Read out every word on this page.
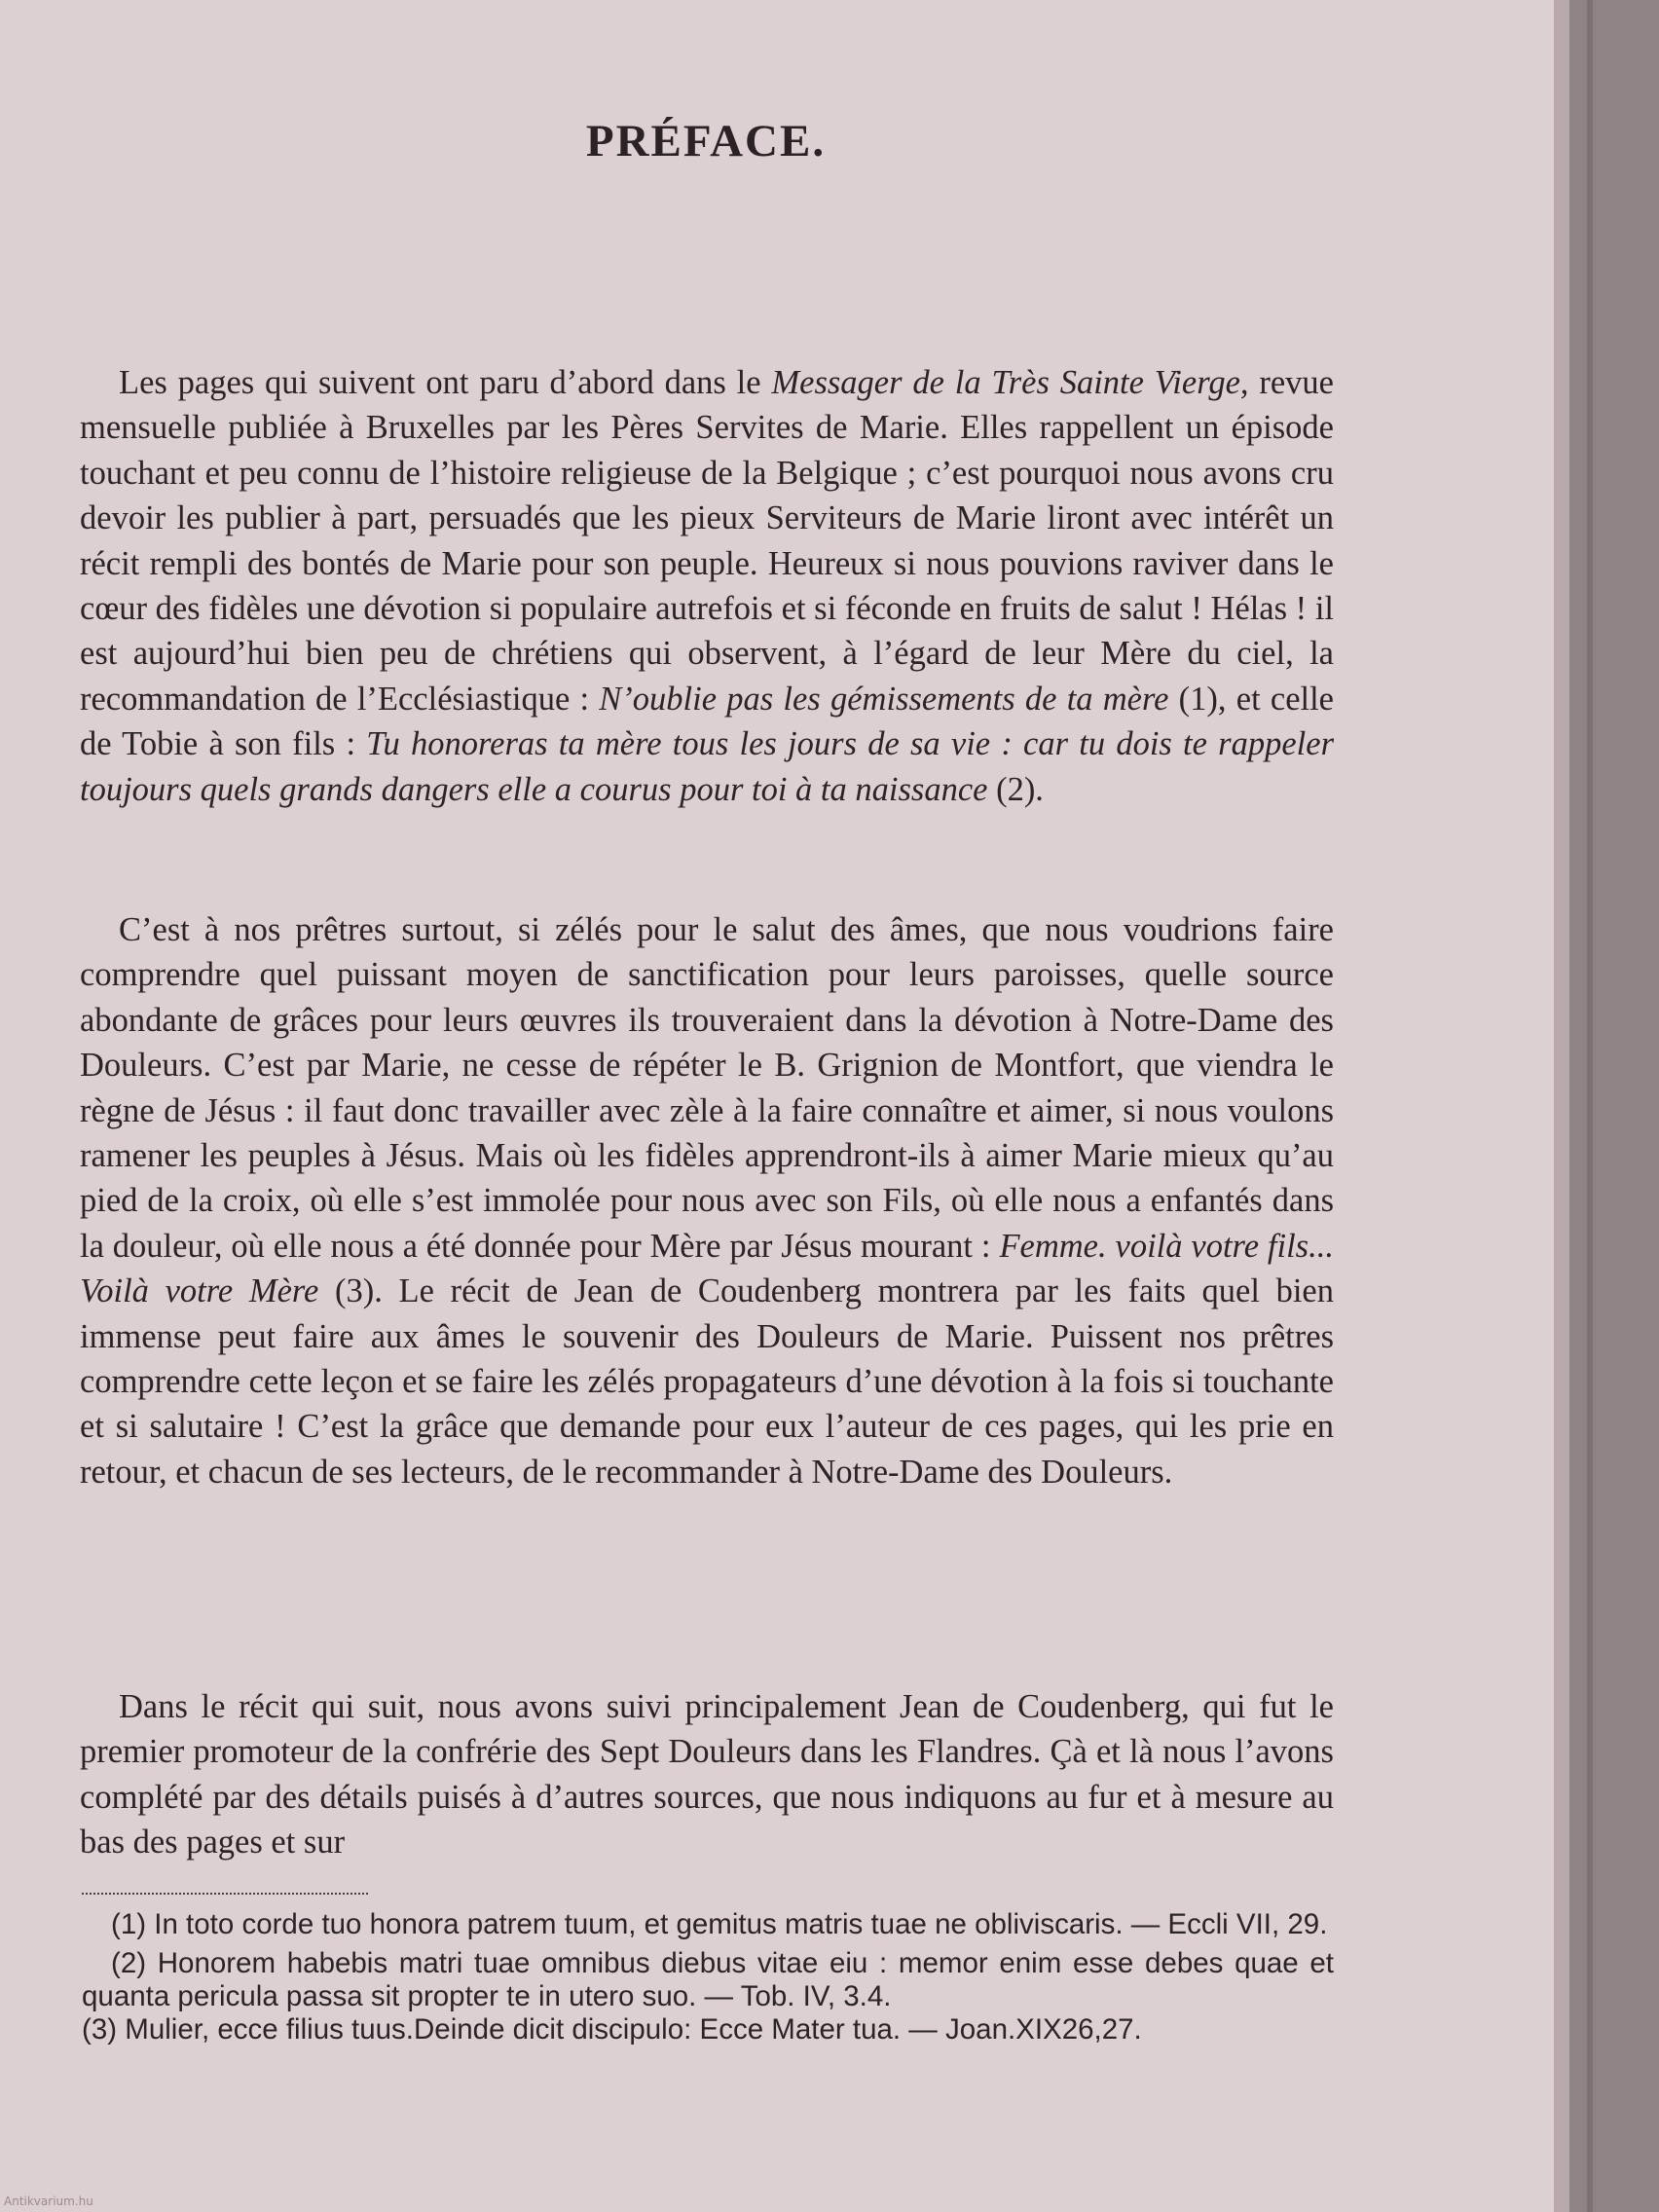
PRÉFACE.

Les pages qui suivent ont paru d’abord dans le Messager de la Très Sainte Vierge, revue mensuelle publiée à Bruxelles par les Pères Servites de Marie. Elles rappellent un épisode touchant et peu connu de l’histoire religieuse de la Belgique ; c’est pourquoi nous avons cru devoir les publier à part, persuadés que les pieux Serviteurs de Marie liront avec intérêt un récit rempli des bontés de Marie pour son peuple. Heureux si nous pouvions raviver dans le cœur des fidèles une dévotion si populaire autrefois et si féconde en fruits de salut ! Hélas ! il est aujourd’hui bien peu de chrétiens qui observent, à l’égard de leur Mère du ciel, la recommandation de l’Ecclésiastique : N’oublie pas les gémissements de ta mère (1), et celle de Tobie à son fils : Tu honoreras ta mère tous les jours de sa vie : car tu dois te rappeler toujours quels grands dangers elle a courus pour toi à ta naissance (2).

C’est à nos prêtres surtout, si zélés pour le salut des âmes, que nous voudrions faire comprendre quel puissant moyen de sanctification pour leurs paroisses, quelle source abondante de grâces pour leurs œuvres ils trouveraient dans la dévotion à Notre-Dame des Douleurs. C’est par Marie, ne cesse de répéter le B. Grignion de Montfort, que viendra le règne de Jésus : il faut donc travailler avec zèle à la faire connaître et aimer, si nous voulons ramener les peuples à Jésus. Mais où les fidèles apprendront-ils à aimer Marie mieux qu’au pied de la croix, où elle s’est immolée pour nous avec son Fils, où elle nous a enfantés dans la douleur, où elle nous a été donnée pour Mère par Jésus mourant : Femme. voilà votre fils... Voilà votre Mère (3). Le récit de Jean de Coudenberg montrera par les faits quel bien immense peut faire aux âmes le souvenir des Douleurs de Marie. Puissent nos prêtres comprendre cette leçon et se faire les zélés propagateurs d’une dévotion à la fois si touchante et si salutaire ! C’est la grâce que demande pour eux l’auteur de ces pages, qui les prie en retour, et chacun de ses lecteurs, de le recommander à Notre-Dame des Douleurs.

Dans le récit qui suit, nous avons suivi principalement Jean de Coudenberg, qui fut le premier promoteur de la confrérie des Sept Douleurs dans les Flandres. Çà et là nous l’avons complété par des détails puisés à d’autres sources, que nous indiquons au fur et à mesure au bas des pages et sur

(1) In toto corde tuo honora patrem tuum, et gemitus matris tuae ne obliviscaris. — Eccli VII, 29.

(2) Honorem habebis matri tuae omnibus diebus vitae eiu : memor enim esse debes quae et quanta pericula passa sit propter te in utero suo. — Tob. IV, 3.4.

(3) Mulier, ecce filius tuus.Deinde dicit discipulo: Ecce Mater tua. — Joan.XIX26,27.

Antikvarium.hu
